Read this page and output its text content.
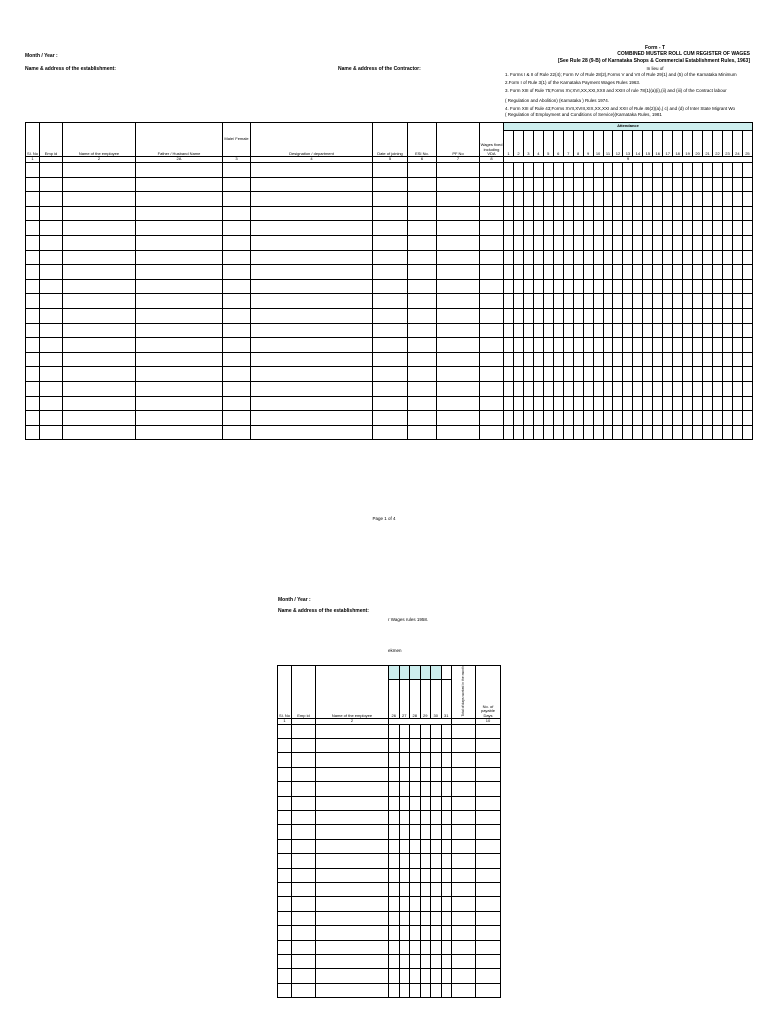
Month / Year :
Name & address of the establishment:	Name & address of the Contractor:
Form - T
COMBINED MUSTER ROLL CUM REGISTER OF WAGES
[See Rule 28 (9-B) of Karnataka Shops & Commercial Establishment Rules, 1963]
In lieu of
1. Forms I & II of Rule 22(4); Form IV of Rule 28(2),Forms V and VII of Rule 29(1) and (5) of the Karnataka Minimum
2.Form I of Rule 3(1) of the Karnataka Payment Wages Rules 1963.
3. Form XIII of Rule 75;Forms XV,XVI,XX,XXI,XXII and XXIII of rule 78(1)(a)(i),(ii) and (iii) of the Contract labour
( Regulation and Abolition) (Karnataka ) Rules 1974.
4. Form XIII of Rule 43;Forms XVII,XVIII,XIX,XX,XXI and XXII of Rule 46(2)(a),( c) and (d) of Inter State Migrant Wo
( Regulation of Employment and Conditions of Service)(Karnataka Rules, 1981
Sl. No	Emp id	Name of the employee	Father / Husband Name	Male/ Female	Designation / department	Date of joining	ESI No.	PF No	Wages fixed including VDA	Attendance																								
										1	2	3	4	5	6	7	8	9	10	11	12	13	14	15	16	17	18	19	20	21	22	23	24	25
1		2	2A	3	4	5	6	7	8	9																								

Page 1 of 4
Month / Year :
Name & address of the establishment:
r Wages rules 1958.
ekmen
Sl. No	Emp id	Name of the employee							Total of days worked in the month	No. of payable Days
			26	27	28	29	30	31		
1		2								10
